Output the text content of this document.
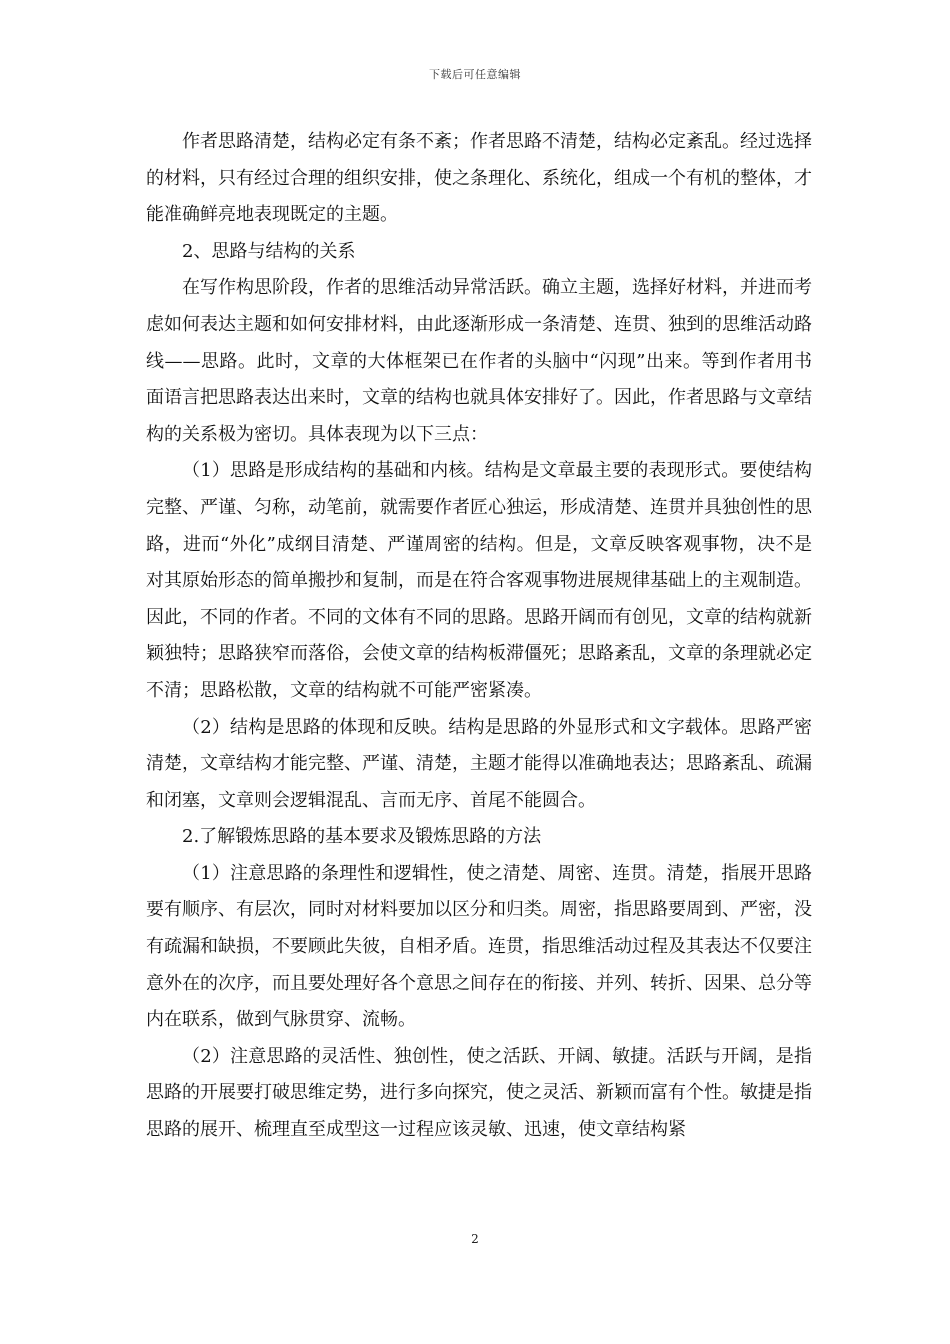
下载后可任意编辑

作者思路清楚，结构必定有条不紊；作者思路不清楚，结构必定紊乱。经过选择的材料，只有经过合理的组织安排，使之条理化、系统化，组成一个有机的整体，才能准确鲜亮地表现既定的主题。

2、思路与结构的关系

在写作构思阶段，作者的思维活动异常活跃。确立主题，选择好材料，并进而考虑如何表达主题和如何安排材料，由此逐渐形成一条清楚、连贯、独到的思维活动路线——思路。此时，文章的大体框架已在作者的头脑中“闪现”出来。等到作者用书面语言把思路表达出来时，文章的结构也就具体安排好了。因此，作者思路与文章结构的关系极为密切。具体表现为以下三点：

（1）思路是形成结构的基础和内核。结构是文章最主要的表现形式。要使结构完整、严谨、匀称，动笔前，就需要作者匠心独运，形成清楚、连贯并具独创性的思路，进而“外化”成纲目清楚、严谨周密的结构。但是，文章反映客观事物，决不是对其原始形态的简单搬抄和复制，而是在符合客观事物进展规律基础上的主观制造。因此，不同的作者。不同的文体有不同的思路。思路开阔而有创见，文章的结构就新颖独特；思路狭窄而落俗，会使文章的结构板滞僵死；思路紊乱，文章的条理就必定不清；思路松散，文章的结构就不可能严密紧凑。

（2）结构是思路的体现和反映。结构是思路的外显形式和文字载体。思路严密清楚，文章结构才能完整、严谨、清楚，主题才能得以准确地表达；思路紊乱、疏漏和闭塞，文章则会逻辑混乱、言而无序、首尾不能圆合。

2.了解锻炼思路的基本要求及锻炼思路的方法

（1）注意思路的条理性和逻辑性，使之清楚、周密、连贯。清楚，指展开思路要有顺序、有层次，同时对材料要加以区分和归类。周密，指思路要周到、严密，没有疏漏和缺损，不要顾此失彼，自相矛盾。连贯，指思维活动过程及其表达不仅要注意外在的次序，而且要处理好各个意思之间存在的衔接、并列、转折、因果、总分等内在联系，做到气脉贯穿、流畅。

（2）注意思路的灵活性、独创性，使之活跃、开阔、敏捷。活跃与开阔，是指思路的开展要打破思维定势，进行多向探究，使之灵活、新颖而富有个性。敏捷是指思路的展开、梳理直至成型这一过程应该灵敏、迅速，使文章结构紧

2
